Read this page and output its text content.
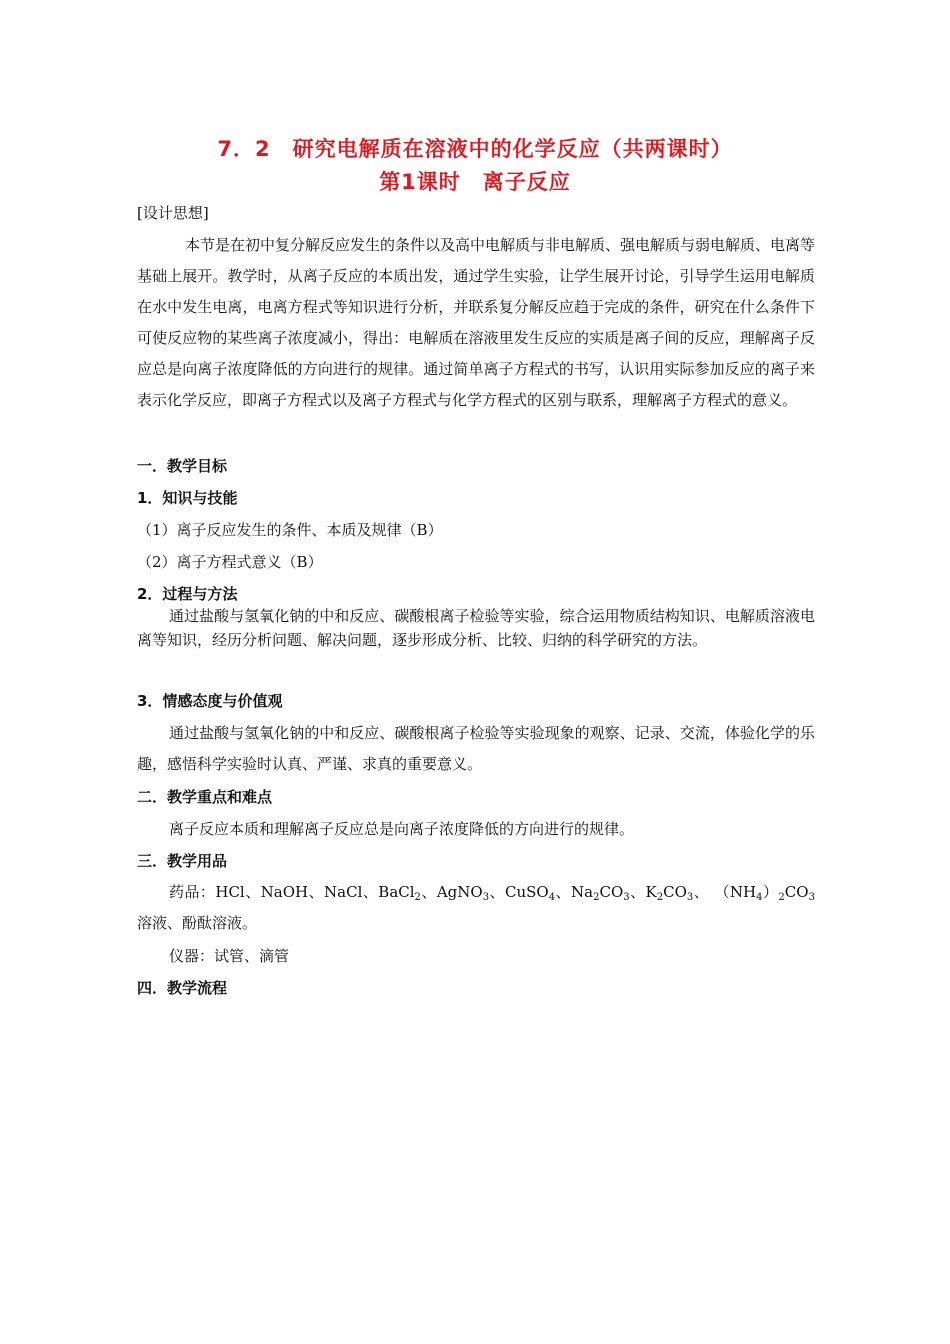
7．2　研究电解质在溶液中的化学反应（共两课时）
第1课时　离子反应
[设计思想]
本节是在初中复分解反应发生的条件以及高中电解质与非电解质、强电解质与弱电解质、电离等基础上展开。教学时，从离子反应的本质出发，通过学生实验，让学生展开讨论，引导学生运用电解质在水中发生电离，电离方程式等知识进行分析，并联系复分解反应趋于完成的条件，研究在什么条件下可使反应物的某些离子浓度减小，得出：电解质在溶液里发生反应的实质是离子间的反应，理解离子反应总是向离子浓度降低的方向进行的规律。通过简单离子方程式的书写，认识用实际参加反应的离子来表示化学反应，即离子方程式以及离子方程式与化学方程式的区别与联系，理解离子方程式的意义。
一．教学目标
1．知识与技能
（1）离子反应发生的条件、本质及规律（B）
（2）离子方程式意义（B）
2．过程与方法
通过盐酸与氢氧化钠的中和反应、碳酸根离子检验等实验，综合运用物质结构知识、电解质溶液电离等知识，经历分析问题、解决问题，逐步形成分析、比较、归纳的科学研究的方法。
3．情感态度与价值观
通过盐酸与氢氧化钠的中和反应、碳酸根离子检验等实验现象的观察、记录、交流，体验化学的乐趣，感悟科学实验时认真、严谨、求真的重要意义。
二．教学重点和难点
离子反应本质和理解离子反应总是向离子浓度降低的方向进行的规律。
三．教学用品
药品：HCl、NaOH、NaCl、BaCl$_2$、AgNO$_3$、CuSO$_4$、$Na_2CO_3$、$K_2CO_3$、 $(NH_4)_2CO_3$溶液、酚酞溶液。
仪器：试管、滴管
四．教学流程
